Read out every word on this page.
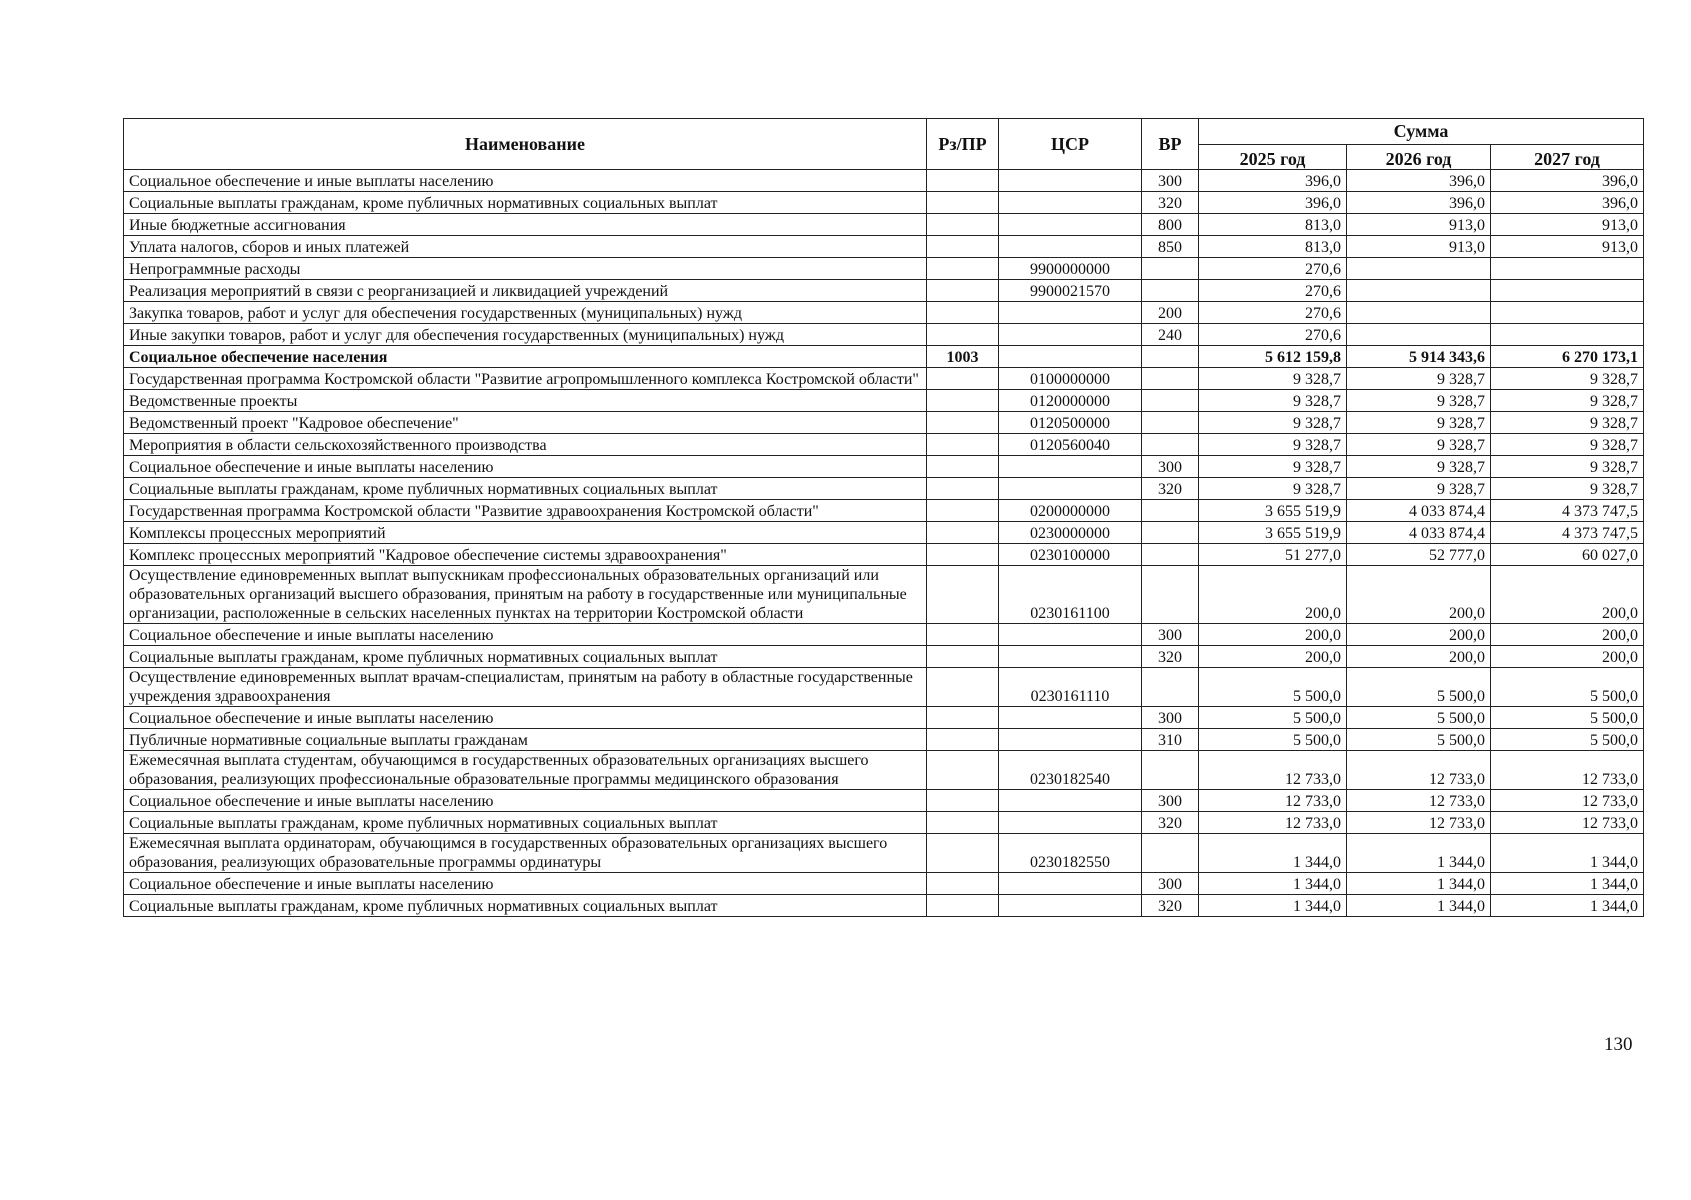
Наименование	Рз/ПР	ЦСР	ВР	Сумма		
				2025 год	2026 год	2027 год
Социальное обеспечение и иные выплаты населению			300	396,0	396,0	396,0
Социальные выплаты гражданам, кроме публичных нормативных социальных выплат			320	396,0	396,0	396,0
Иные бюджетные ассигнования			800	813,0	913,0	913,0
Уплата налогов, сборов и иных платежей			850	813,0	913,0	913,0
Непрограммные расходы		9900000000		270,6		
Реализация мероприятий в связи с реорганизацией и ликвидацией учреждений		9900021570		270,6		
Закупка товаров, работ и услуг для обеспечения государственных (муниципальных) нужд			200	270,6		
Иные закупки товаров, работ и услуг для обеспечения государственных (муниципальных) нужд			240	270,6		
Социальное обеспечение населения	1003			5 612 159,8	5 914 343,6	6 270 173,1
Государственная программа Костромской области "Развитие агропромышленного комплекса Костромской области"		0100000000		9 328,7	9 328,7	9 328,7
Ведомственные проекты		0120000000		9 328,7	9 328,7	9 328,7
Ведомственный проект "Кадровое обеспечение"		0120500000		9 328,7	9 328,7	9 328,7
Мероприятия в области сельскохозяйственного производства		0120560040		9 328,7	9 328,7	9 328,7
Социальное обеспечение и иные выплаты населению			300	9 328,7	9 328,7	9 328,7
Социальные выплаты гражданам, кроме публичных нормативных социальных выплат			320	9 328,7	9 328,7	9 328,7
Государственная программа Костромской области "Развитие здравоохранения Костромской области"		0200000000		3 655 519,9	4 033 874,4	4 373 747,5
Комплексы процессных мероприятий		0230000000		3 655 519,9	4 033 874,4	4 373 747,5
Комплекс процессных мероприятий "Кадровое обеспечение системы здравоохранения"		0230100000		51 277,0	52 777,0	60 027,0
Осуществление единовременных выплат выпускникам профессиональных образовательных организаций или образовательных организаций высшего образования, принятым на работу в государственные или муниципальные организации, расположенные в сельских населенных пунктах на территории Костромской области		0230161100		200,0	200,0	200,0
Социальное обеспечение и иные выплаты населению			300	200,0	200,0	200,0
Социальные выплаты гражданам, кроме публичных нормативных социальных выплат			320	200,0	200,0	200,0
Осуществление единовременных выплат врачам-специалистам, принятым на работу в областные государственные учреждения здравоохранения		0230161110		5 500,0	5 500,0	5 500,0
Социальное обеспечение и иные выплаты населению			300	5 500,0	5 500,0	5 500,0
Публичные нормативные социальные выплаты гражданам			310	5 500,0	5 500,0	5 500,0
Ежемесячная выплата студентам, обучающимся в государственных образовательных организациях высшего образования, реализующих профессиональные образовательные программы медицинского образования		0230182540		12 733,0	12 733,0	12 733,0
Социальное обеспечение и иные выплаты населению			300	12 733,0	12 733,0	12 733,0
Социальные выплаты гражданам, кроме публичных нормативных социальных выплат			320	12 733,0	12 733,0	12 733,0
Ежемесячная выплата ординаторам, обучающимся в государственных образовательных организациях высшего образования, реализующих образовательные программы ординатуры		0230182550		1 344,0	1 344,0	1 344,0
Социальное обеспечение и иные выплаты населению			300	1 344,0	1 344,0	1 344,0
Социальные выплаты гражданам, кроме публичных нормативных социальных выплат			320	1 344,0	1 344,0	1 344,0
130
